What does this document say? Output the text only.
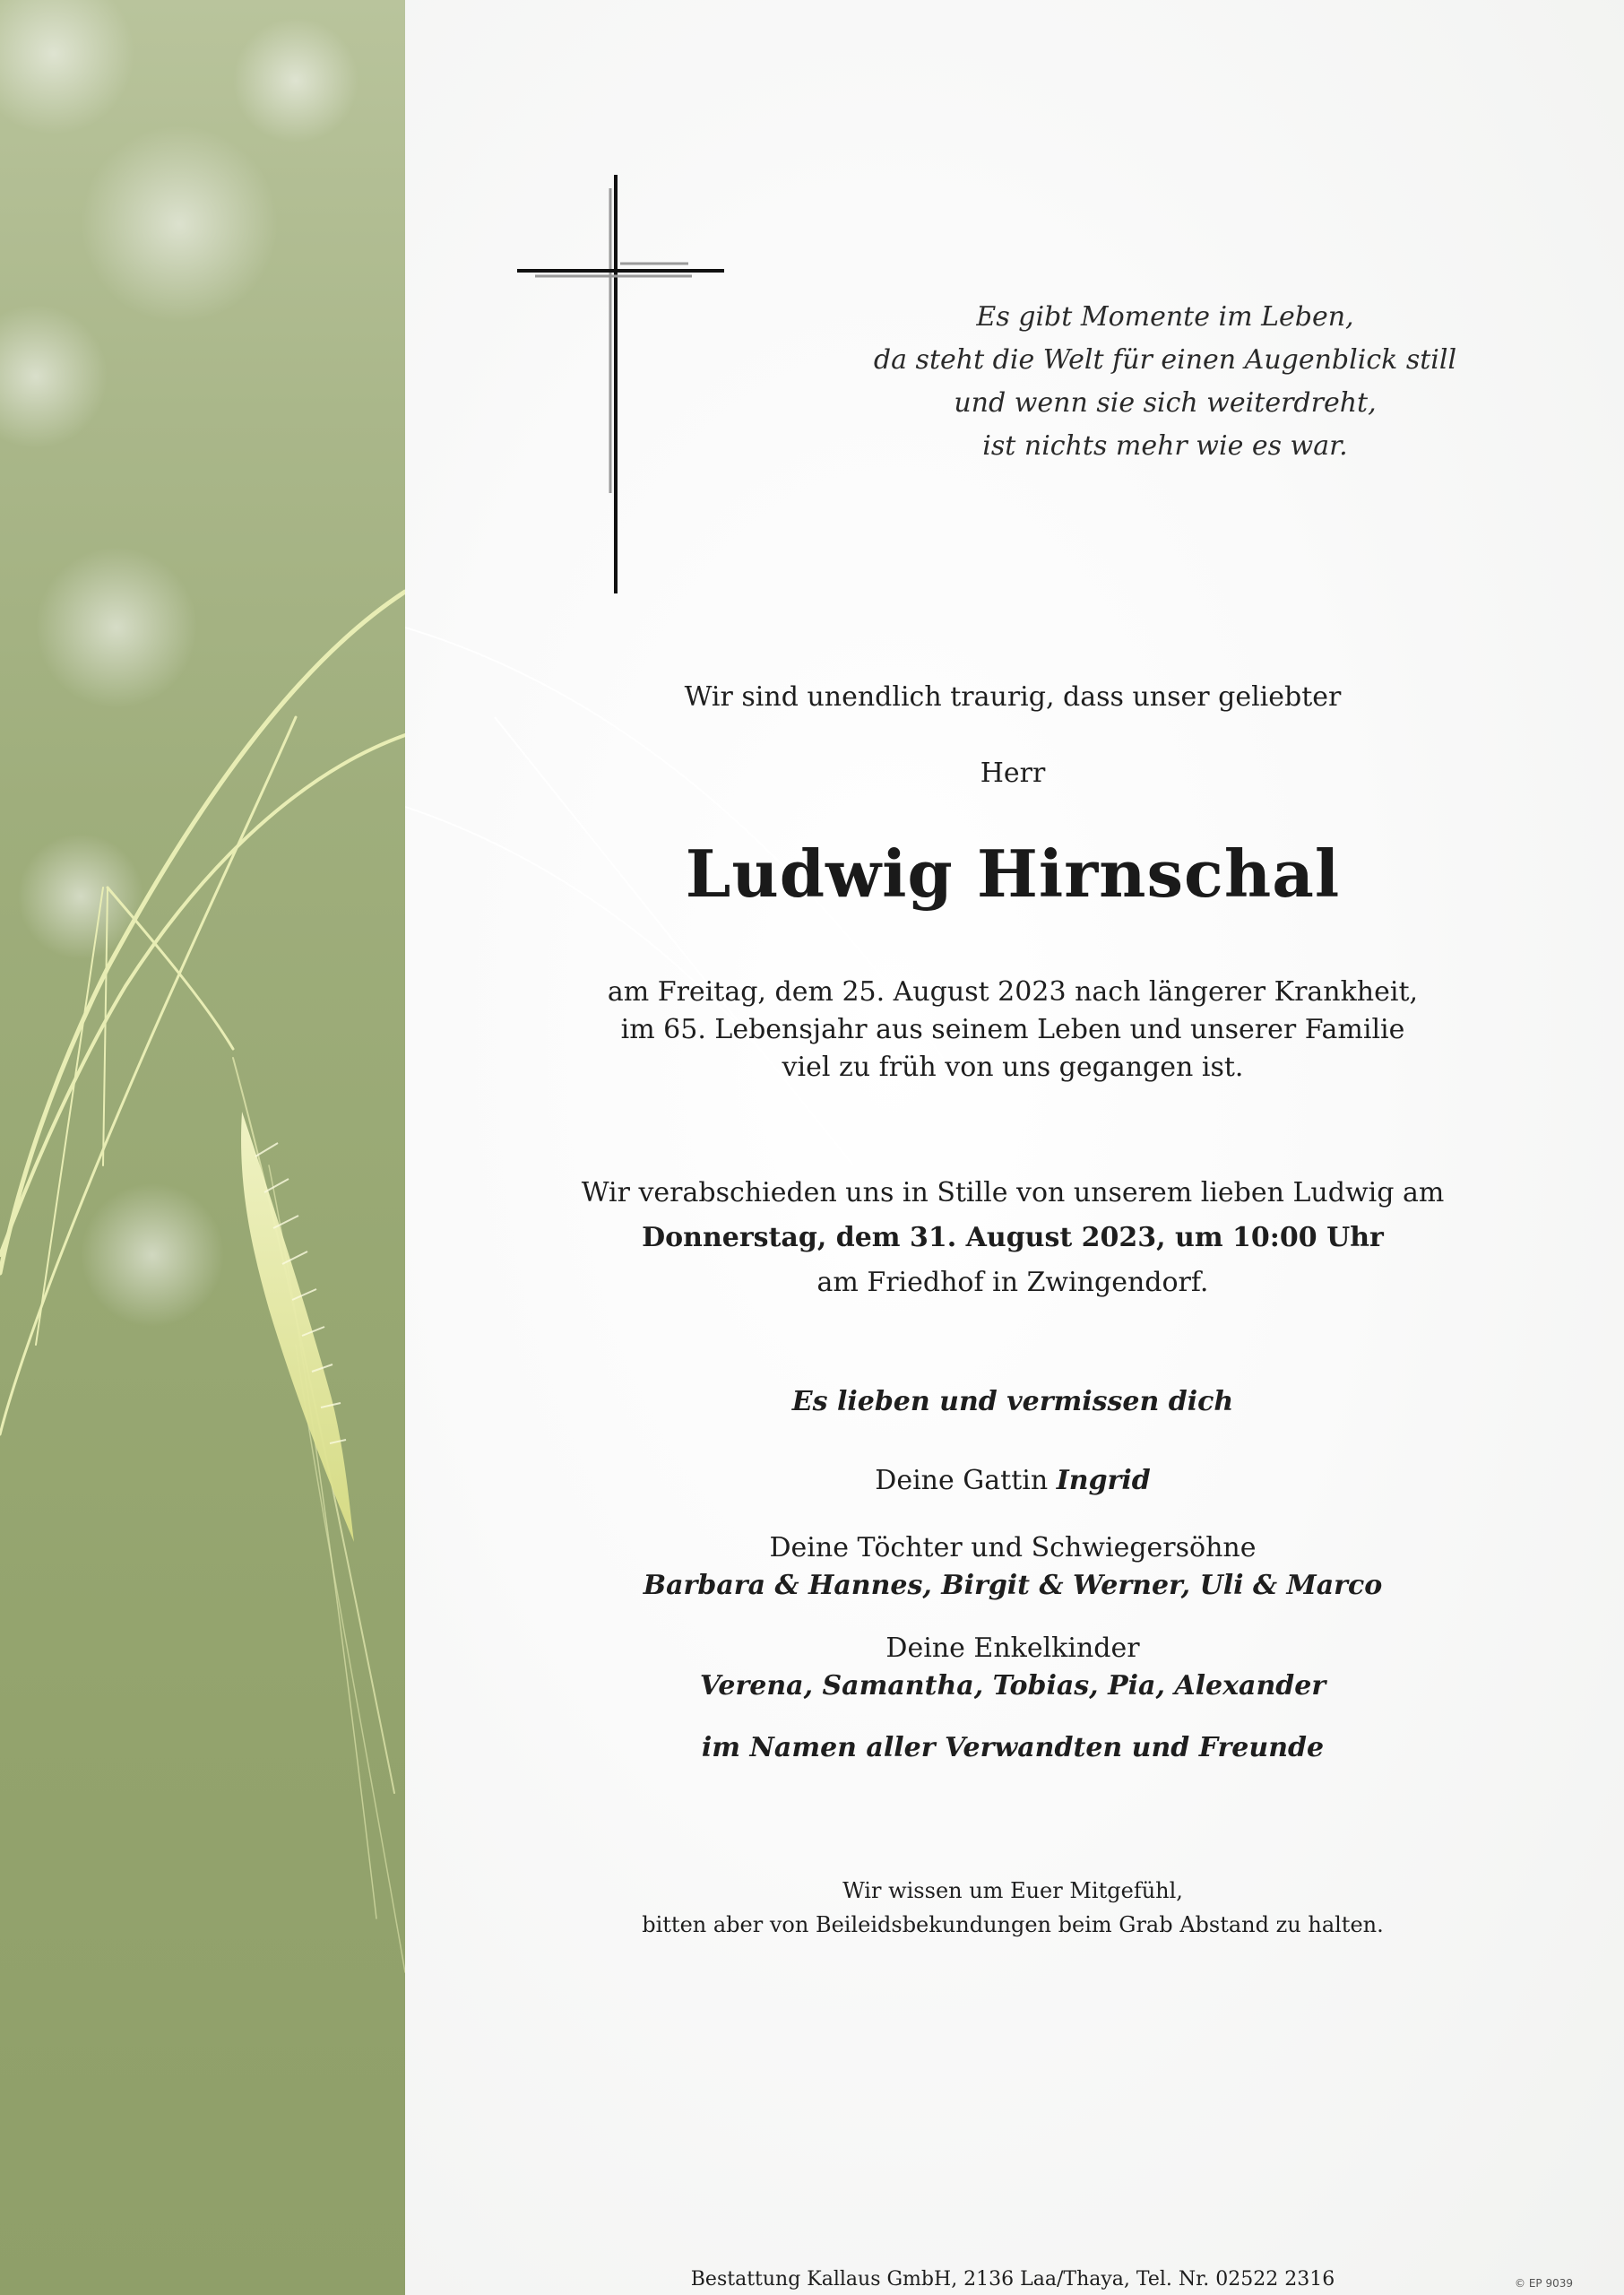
Es gibt Momente im Leben,
da steht die Welt für einen Augenblick still
und wenn sie sich weiterdreht,
ist nichts mehr wie es war.
Wir sind unendlich traurig, dass unser geliebter
Herr
Ludwig Hirnschal
am Freitag, dem 25. August 2023 nach längerer Krankheit,
im 65. Lebensjahr aus seinem Leben und unserer Familie
viel zu früh von uns gegangen ist.
Wir verabschieden uns in Stille von unserem lieben Ludwig am
Donnerstag, dem 31. August 2023, um 10:00 Uhr
am Friedhof in Zwingendorf.
Es lieben und vermissen dich
Deine Gattin Ingrid
Deine Töchter und Schwiegersöhne
Barbara & Hannes, Birgit & Werner, Uli & Marco
Deine Enkelkinder
Verena, Samantha, Tobias, Pia, Alexander
im Namen aller Verwandten und Freunde
Wir wissen um Euer Mitgefühl,
bitten aber von Beileidsbekundungen beim Grab Abstand zu halten.
Bestattung Kallaus GmbH, 2136 Laa/Thaya, Tel. Nr. 02522 2316	© EP 9039
